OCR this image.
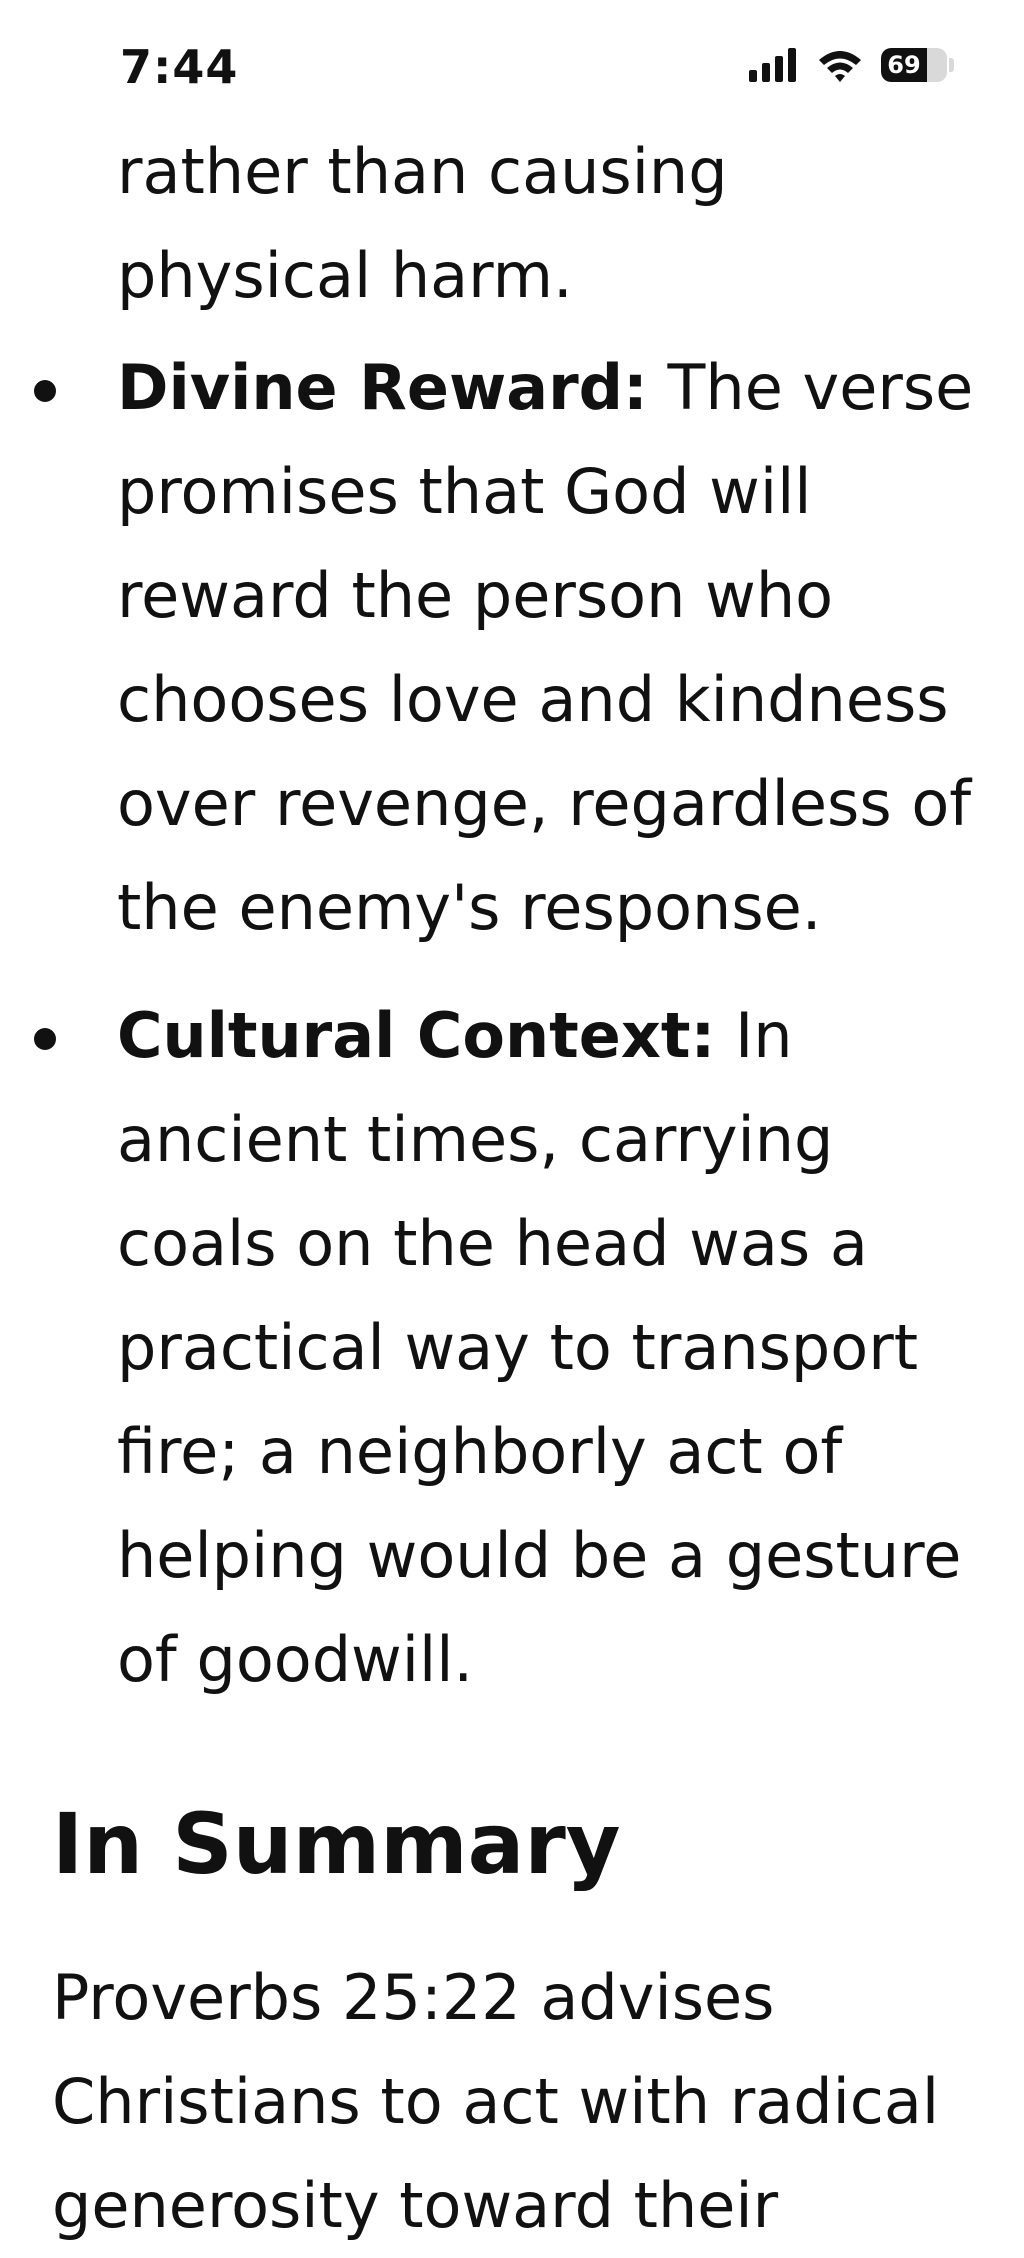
7:44	69
rather than causing physical harm.
Divine Reward: The verse promises that God will reward the person who chooses love and kindness over revenge, regardless of the enemy's response.
Cultural Context: In ancient times, carrying coals on the head was a practical way to transport fire; a neighborly act of helping would be a gesture of goodwill.
In Summary

Proverbs 25:22 advises Christians to act with radical generosity toward their
